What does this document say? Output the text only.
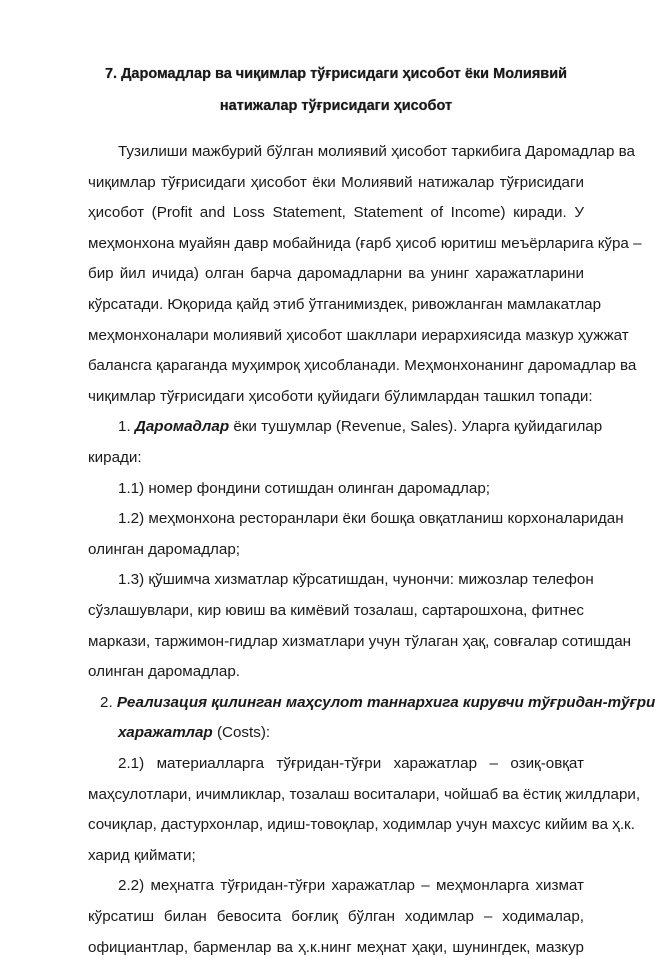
7. Даромадлар ва чиқимлар тўғрисидаги ҳисобот ёки Молиявий
натижалар тўғрисидаги ҳисобот
Тузилиши мажбурий бўлган молиявий ҳисобот таркибига Даромадлар ва
чиқимлар тўғрисидаги ҳисобот ёки Молиявий натижалар тўғрисидаги
ҳисобот (Profit and Loss Statement, Statement of Income) киради. У
меҳмонхона муайян давр мобайнида (ғарб ҳисоб юритиш меъёрларига кўра –
бир йил ичида) олган барча даромадларни ва унинг харажатларини
кўрсатади. Юқорида қайд этиб ўтганимиздек, ривожланган мамлакатлар
меҳмонхоналари молиявий ҳисобот шакллари иерархиясида мазкур ҳужжат
балансга қараганда муҳимроқ ҳисобланади. Меҳмонхонанинг даромадлар ва
чиқимлар тўғрисидаги ҳисоботи қуйидаги бўлимлардан ташкил топади:
1. Даромадлар ёки тушумлар (Revenue, Sales). Уларга қуйидагилар
киради:
1.1) номер фондини сотишдан олинган даромадлар;
1.2) меҳмонхона ресторанлари ёки бошқа овқатланиш корхоналаридан
олинган даромадлар;
1.3) қўшимча хизматлар кўрсатишдан, чунончи: мижозлар телефон
сўзлашувлари, кир ювиш ва кимёвий тозалаш, сартарошхона, фитнес
маркази, таржимон-гидлар хизматлари учун тўлаган ҳақ, совғалар сотишдан
олинган даромадлар.
2. Реализация қилинган маҳсулот таннархига кирувчи тўғридан-тўғри
харажатлар (Costs):
2.1) материалларга тўғридан-тўғри харажатлар – озиқ-овқат
маҳсулотлари, ичимликлар, тозалаш воситалари, чойшаб ва ёстиқ жилдлари,
сочиқлар, дастурхонлар, идиш-товоқлар, ходимлар учун махсус кийим ва ҳ.к.
харид қиймати;
2.2) меҳнатга тўғридан-тўғри харажатлар – меҳмонларга хизмат
кўрсатиш билан бевосита боғлиқ бўлган ходимлар – ходималар,
официантлар, барменлар ва ҳ.к.нинг меҳнат ҳақи, шунингдек, мазкур
